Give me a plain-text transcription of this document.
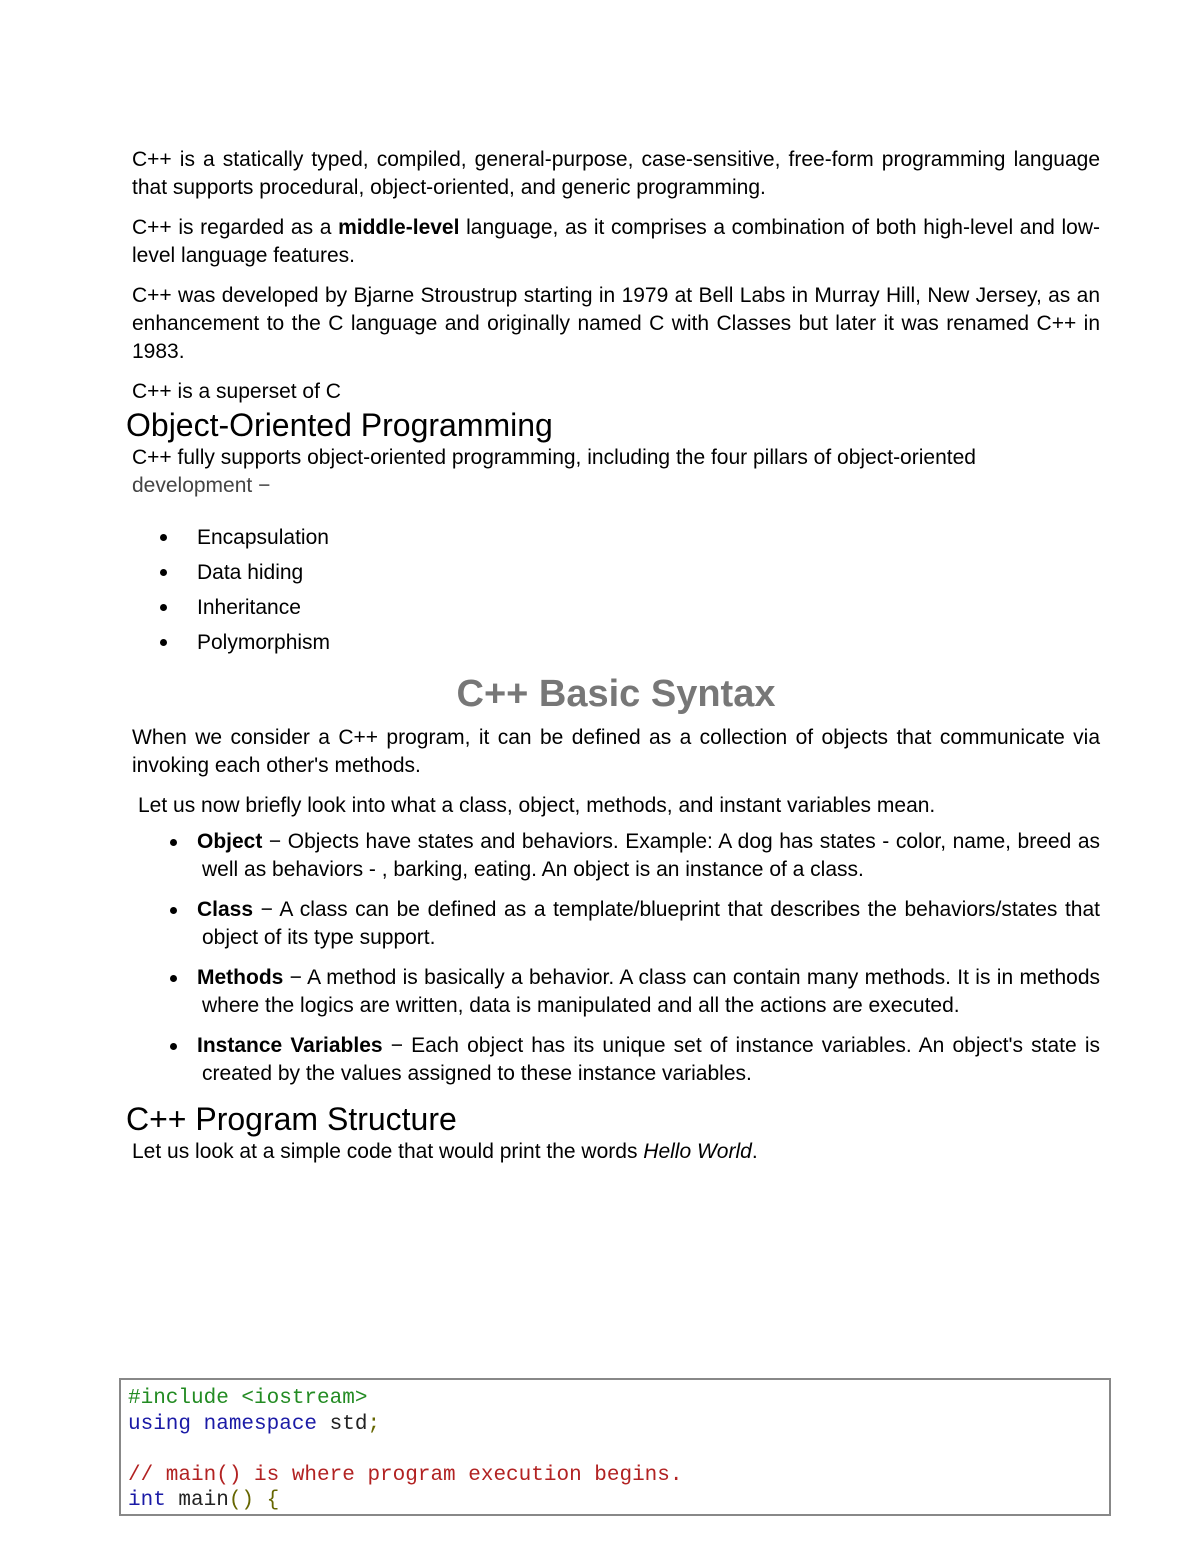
C++ is a statically typed, compiled, general-purpose, case-sensitive, free-form programming language that supports procedural, object-oriented, and generic programming.

C++ is regarded as a middle-level language, as it comprises a combination of both high-level and low-level language features.

C++ was developed by Bjarne Stroustrup starting in 1979 at Bell Labs in Murray Hill, New Jersey, as an enhancement to the C language and originally named C with Classes but later it was renamed C++ in 1983.

C++ is a superset of C

Object-Oriented Programming

C++ fully supports object-oriented programming, including the four pillars of object-oriented
development −

Encapsulation
Data hiding
Inheritance
Polymorphism
C++ Basic Syntax

When we consider a C++ program, it can be defined as a collection of objects that communicate via invoking each other's methods.

Let us now briefly look into what a class, object, methods, and instant variables mean.

Object − Objects have states and behaviors. Example: A dog has states - color, name, breed as well as behaviors - , barking, eating. An object is an instance of a class.
Class − A class can be defined as a template/blueprint that describes the behaviors/states that object of its type support.
Methods − A method is basically a behavior. A class can contain many methods. It is in methods where the logics are written, data is manipulated and all the actions are executed.
Instance Variables − Each object has its unique set of instance variables. An object's state is created by the values assigned to these instance variables.
C++ Program Structure

Let us look at a simple code that would print the words Hello World.

#include <iostream>
using namespace std;
// main() is where program execution begins.
int main() {
